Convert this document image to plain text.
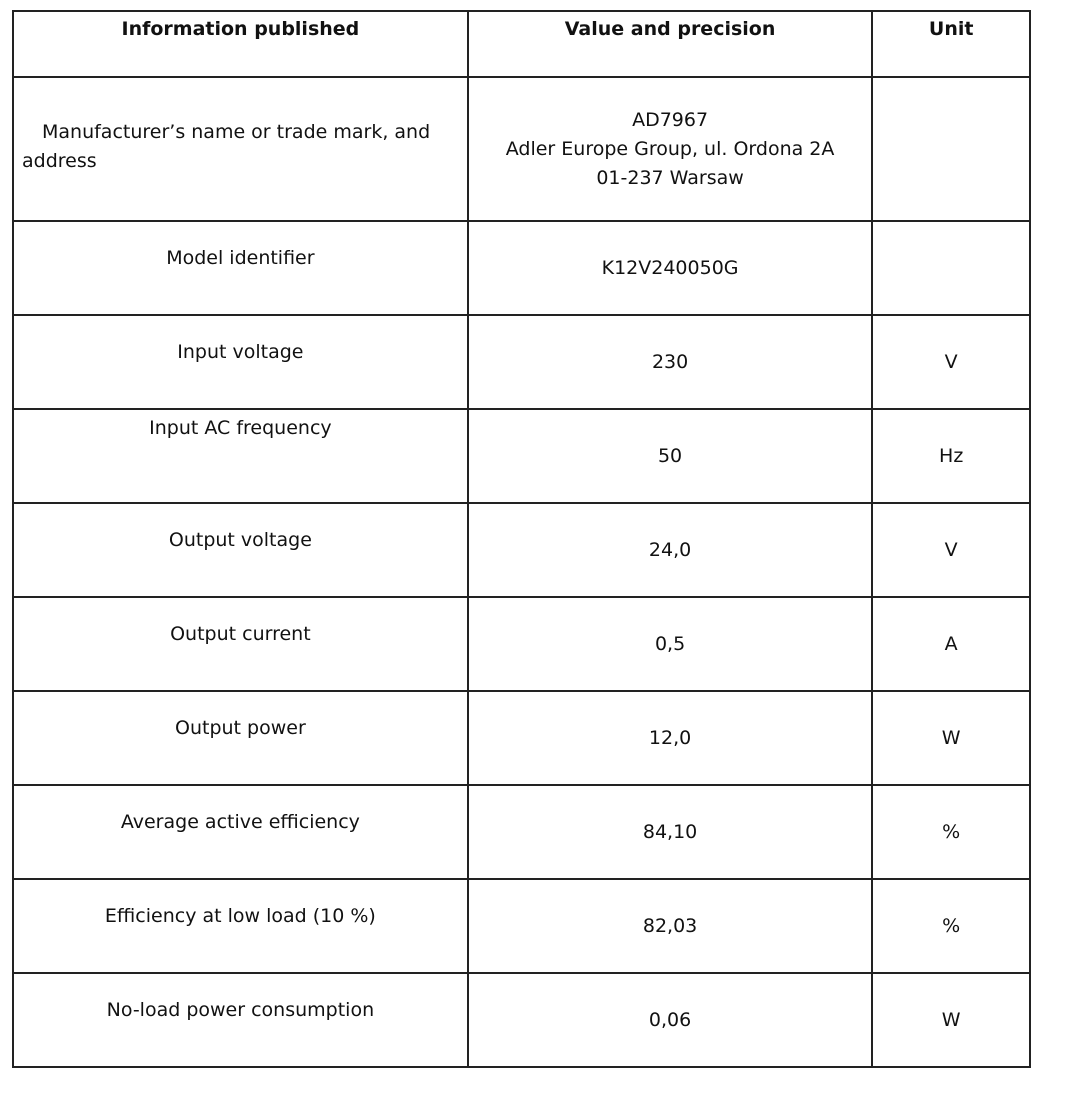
Information published	Value and precision	Unit
Manufacturer’s name or trade mark, and address	AD7967
Adler Europe Group, ul. Ordona 2A
01-237 Warsaw	

Model identifier	K12V240050G	
Input voltage	230	V
Input AC frequency	50	Hz
Output voltage	24,0	V
Output current	0,5	A
Output power	12,0	W
Average active efficiency	84,10	%
Efficiency at low load (10 %)	82,03	%
No-load power consumption	0,06	W
